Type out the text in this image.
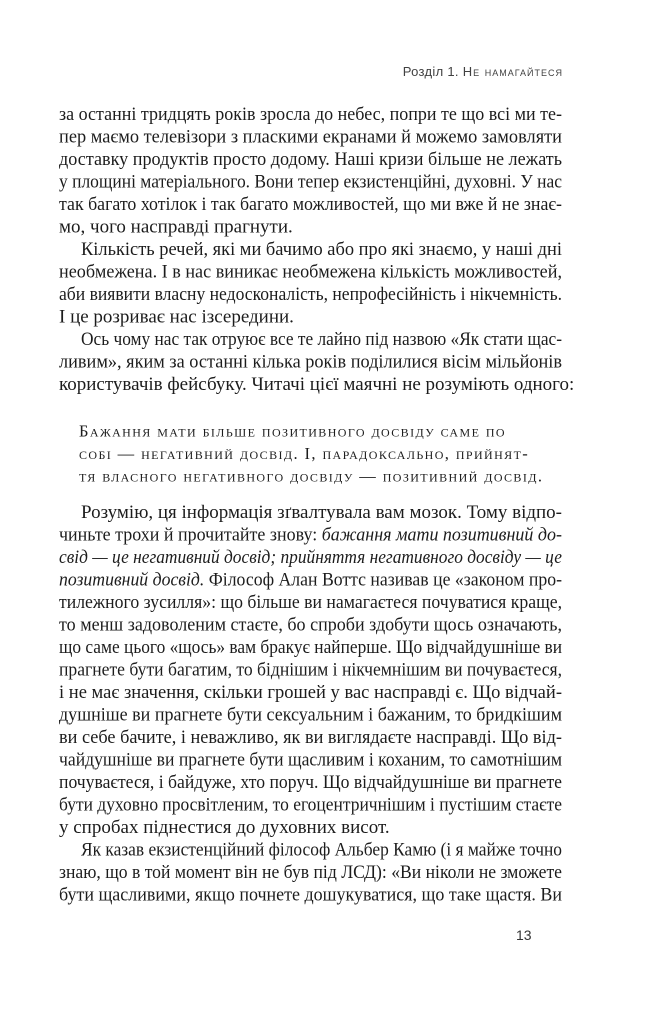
Розділ 1. Не намагайтеся
за останні тридцять років зросла до небес, попри те що всі ми те-
пер маємо телевізори з пласкими екранами й можемо замовляти
доставку продуктів просто додому. Наші кризи більше не лежать
у площині матеріального. Вони тепер екзистенційні, духовні. У нас
так багато хотілок і так багато можливостей, що ми вже й не знає-
мо, чого насправді прагнути.
Кількість речей, які ми бачимо або про які знаємо, у наші дні
необмежена. І в нас виникає необмежена кількість можливостей,
аби виявити власну недосконалість, непрофесійність і нікчемність.
І це розриває нас ізсередини.
Ось чому нас так отруює все те лайно під назвою «Як стати щас-
ливим», яким за останні кілька років поділилися вісім мільйонів
користувачів фейсбуку. Читачі цієї маячні не розуміють одного:
Бажання мати більше позитивного досвіду саме по
собі — негативний досвід. І, парадоксально, прийнят-
тя власного негативного досвіду — позитивний досвід.
Розумію, ця інформація зґвалтувала вам мозок. Тому відпо-
чиньте трохи й прочитайте знову: бажання мати позитивний до-
свід — це негативний досвід; прийняття негативного досвіду — це
позитивний досвід. Філософ Алан Воттс називав це «законом про-
тилежного зусилля»: що більше ви намагаєтеся почуватися краще,
то менш задоволеним стаєте, бо спроби здобути щось означають,
що саме цього «щось» вам бракує найперше. Що відчайдушніше ви
прагнете бути багатим, то біднішим і нікчемнішим ви почуваєтеся,
і не має значення, скільки грошей у вас насправді є. Що відчай-
душніше ви прагнете бути сексуальним і бажаним, то бридкішим
ви себе бачите, і неважливо, як ви виглядаєте насправді. Що від-
чайдушніше ви прагнете бути щасливим і коханим, то самотнішим
почуваєтеся, і байдуже, хто поруч. Що відчайдушніше ви прагнете
бути духовно просвітленим, то егоцентричнішим і пустішим стаєте
у спробах піднестися до духовних висот.
Як казав екзистенційний філософ Альбер Камю (і я майже точно
знаю, що в той момент він не був під ЛСД): «Ви ніколи не зможете
бути щасливими, якщо почнете дошукуватися, що таке щастя. Ви
13
